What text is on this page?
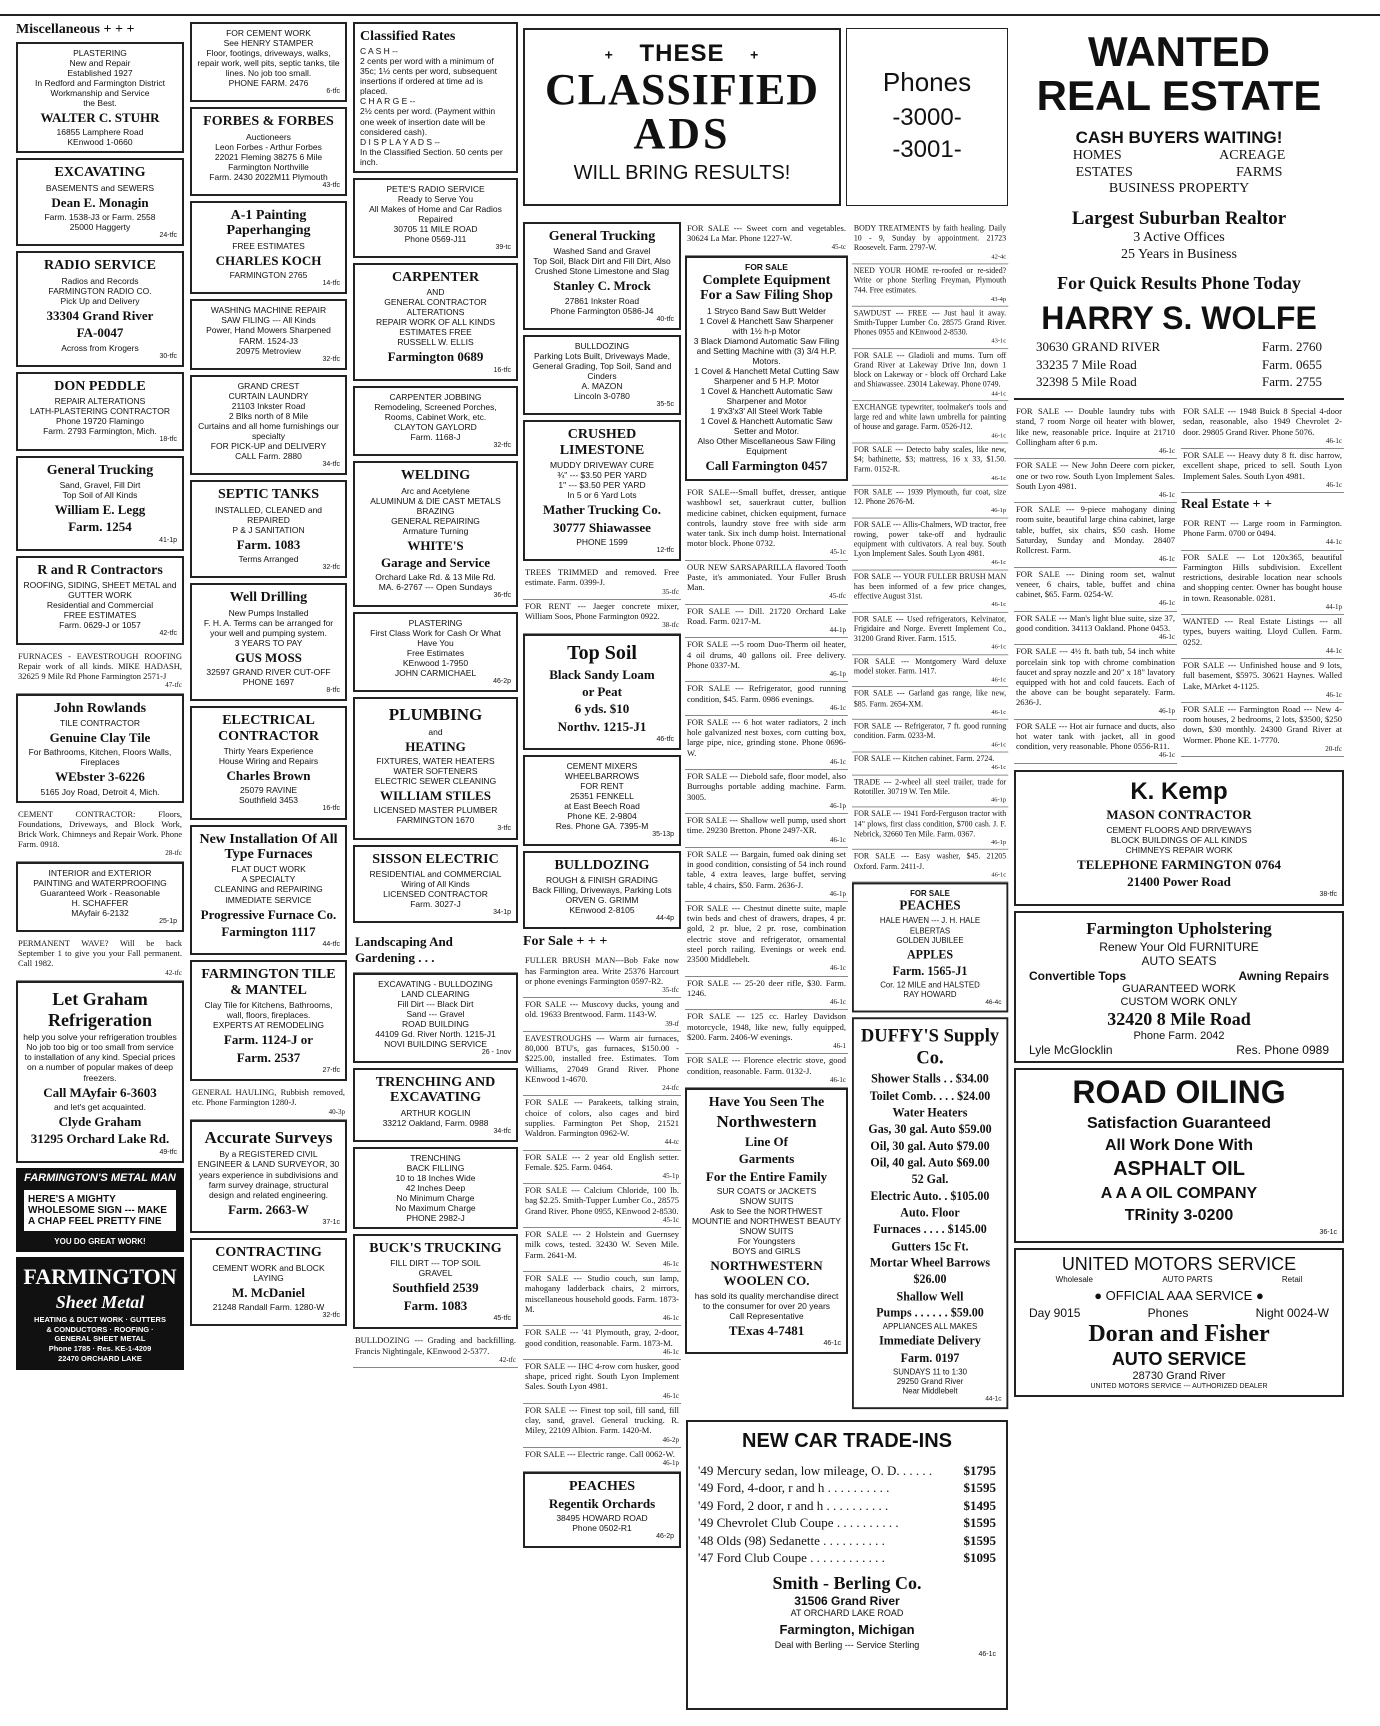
Miscellaneous + + +
PLASTERING
New and Repair
Established 1927
In Redford and Farmington District
Workmanship and Service
the Best.
WALTER C. STUHR
16855 Lamphere Road
KEnwood 1-0660
EXCAVATING
BASEMENTS and SEWERS
Dean E. Monagin
Farm. 1538-J3 or Farm. 2558
25000 Haggerty
24-tfc
RADIO SERVICE
Radios and Records
FARMINGTON RADIO CO.
Pick Up and Delivery
33304 Grand River
FA-0047
Across from Krogers
30-tfc
DON PEDDLE
REPAIR ALTERATIONS
LATH-PLASTERING CONTRACTOR
Phone 19720 Flamingo
Farm. 2793 Farmington, Mich.
18-tfc
General Trucking
Sand, Gravel, Fill Dirt
Top Soil of All Kinds
William E. Legg
Farm. 1254
41-1p
R and R Contractors
ROOFING, SIDING, SHEET METAL and GUTTER WORK
Residential and Commercial
FREE ESTIMATES
Farm. 0629-J or 1057
42-tfc
FURNACES - EAVESTROUGH ROOFING Repair work of all kinds. MIKE HADASH, 32625 9 Mile Rd Phone Farmington 2571-J
47-tfc
John Rowlands
TILE CONTRACTOR
Genuine Clay Tile
For Bathrooms, Kitchen, Floors Walls, Fireplaces
WEbster 3-6226
5165 Joy Road, Detroit 4, Mich.
CEMENT CONTRACTOR: Floors, Foundations, Driveways, and Block Work, Brick Work. Chimneys and Repair Work. Phone Farm. 0918.
28-tfc
INTERIOR and EXTERIOR
PAINTING and WATERPROOFING
Guaranteed Work - Reasonable
H. SCHAFFER
MAyfair 6-2132
25-1p
PERMANENT WAVE? Will be back September 1 to give you your Fall permanent. Call 1982.
42-tfc
Let Graham Refrigeration
help you solve your refrigeration troubles
No job too big or too small from service to installation of any kind. Special prices on a number of popular makes of deep freezers.
Call MAyfair 6-3603
and let's get acquainted.
Clyde Graham
31295 Orchard Lake Rd.
49-tfc
FARMINGTON'S METAL MAN
HERE'S A MIGHTY WHOLESOME SIGN --- MAKE A CHAP FEEL PRETTY FINE
YOU DO GREAT WORK!
FARMINGTON
Sheet Metal
HEATING & DUCT WORK · GUTTERS
& CONDUCTORS · ROOFING ·
GENERAL SHEET METAL
Phone 1785 · Res. KE-1-4209
22470 ORCHARD LAKE
FOR CEMENT WORK
See HENRY STAMPER
Floor, footings, driveways, walks, repair work, well pits, septic tanks, tile lines. No job too small.
PHONE FARM. 2476
6-tfc
FORBES & FORBES
Auctioneers
Leon Forbes - Arthur Forbes
22021 Fleming 38275 6 Mile
Farmington Northville
Farm. 2430 2022M11 Plymouth
43-tfc
A-1 Painting Paperhanging
FREE ESTIMATES
CHARLES KOCH
FARMINGTON 2765
14-tfc
WASHING MACHINE REPAIR
SAW FILING --- All Kinds
Power, Hand Mowers Sharpened
FARM. 1524-J3
20975 Metroview
32-tfc
GRAND CREST
CURTAIN LAUNDRY
21103 Inkster Road
2 Blks north of 8 Mile
Curtains and all home furnishings our specialty
FOR PICK-UP and DELIVERY
CALL Farm. 2880
34-tfc
SEPTIC TANKS
INSTALLED, CLEANED and REPAIRED
P & J SANITATION
Farm. 1083
Terms Arranged
32-tfc
Well Drilling
New Pumps Installed
F. H. A. Terms can be arranged for your well and pumping system.
3 YEARS TO PAY
GUS MOSS
32597 GRAND RIVER CUT-OFF
PHONE 1697
8-tfc
ELECTRICAL CONTRACTOR
Thirty Years Experience
House Wiring and Repairs
Charles Brown
25079 RAVINE
Southfield 3453
16-tfc
New Installation Of All Type Furnaces
FLAT DUCT WORK
A SPECIALTY
CLEANING and REPAIRING
IMMEDIATE SERVICE
Progressive Furnace Co.
Farmington 1117
44-tfc
FARMINGTON TILE & MANTEL
Clay Tile for Kitchens, Bathrooms, wall, floors, fireplaces.
EXPERTS AT REMODELING
Farm. 1124-J or
Farm. 2537
27-tfc
GENERAL HAULING, Rubbish removed, etc. Phone Farmington 1280-J.
40-3p
Accurate Surveys
By a REGISTERED CIVIL ENGINEER & LAND SURVEYOR, 30 years experience in subdivisions and farm survey drainage, structural design and related engineering.
Farm. 2663-W
37-1c
CONTRACTING
CEMENT WORK and BLOCK LAYING
M. McDaniel
21248 Randall Farm. 1280-W
32-tfc
Classified Rates
C A S H --
2 cents per word with a minimum of 35c; 1½ cents per word, subsequent insertions if ordered at time ad is placed.
C H A R G E --
2½ cents per word. (Payment within one week of insertion date will be considered cash).
D I S P L A Y A D S --
In the Classified Section. 50 cents per inch.
PETE'S RADIO SERVICE
Ready to Serve You
All Makes of Home and Car Radios Repaired
30705 11 MILE ROAD
Phone 0569-J11
39-tc
CARPENTER
AND
GENERAL CONTRACTOR
ALTERATIONS
REPAIR WORK OF ALL KINDS
ESTIMATES FREE
RUSSELL W. ELLIS
Farmington 0689
16-tfc
CARPENTER JOBBING
Remodeling, Screened Porches, Rooms, Cabinet Work, etc.
CLAYTON GAYLORD
Farm. 1168-J
32-tfc
WELDING
Arc and Acetylene
ALUMINUM & DIE CAST METALS
BRAZING
GENERAL REPAIRING
Armature Turning
WHITE'S
Garage and Service
Orchard Lake Rd. & 13 Mile Rd.
MA. 6-2767 --- Open Sundays
36-tfc
PLASTERING
First Class Work for Cash Or What Have You
Free Estimates
KEnwood 1-7950
JOHN CARMICHAEL
46-2p
PLUMBING
and
HEATING
FIXTURES, WATER HEATERS
WATER SOFTENERS
ELECTRIC SEWER CLEANING
WILLIAM STILES
LICENSED MASTER PLUMBER
FARMINGTON 1670
3-tfc
SISSON ELECTRIC
RESIDENTIAL and COMMERCIAL
Wiring of All Kinds
LICENSED CONTRACTOR
Farm. 3027-J
34-1p
Landscaping And Gardening . . .
EXCAVATING - BULLDOZING
LAND CLEARING
Fill Dirt --- Black Dirt
Sand --- Gravel
ROAD BUILDING
44109 Gd. River North. 1215-J1
NOVI BUILDING SERVICE
26 - 1nov
TRENCHING AND EXCAVATING
ARTHUR KOGLIN
33212 Oakland, Farm. 0988
34-tfc
TRENCHING
BACK FILLING
10 to 18 Inches Wide
42 Inches Deep
No Minimum Charge
No Maximum Charge
PHONE 2982-J
BUCK'S TRUCKING
FILL DIRT --- TOP SOIL
GRAVEL
Southfield 2539
Farm. 1083
45-tfc
BULLDOZING --- Grading and backfilling. Francis Nightingale, KEnwood 2-5377.
42-tfc
+ THESE +
CLASSIFIED
ADS
WILL BRING RESULTS!
Phones
-3000-
-3001-
General Trucking
Washed Sand and Gravel
Top Soil, Black Dirt and Fill Dirt, Also Crushed Stone Limestone and Slag
Stanley C. Mrock
27861 Inkster Road
Phone Farmington 0586-J4
40-tfc
BULLDOZING
Parking Lots Built, Driveways Made, General Grading, Top Soil, Sand and Cinders
A. MAZON
Lincoln 3-0780
35-5c
CRUSHED LIMESTONE
MUDDY DRIVEWAY CURE
¾" --- $3.50 PER YARD
1" --- $3.50 PER YARD
In 5 or 6 Yard Lots
Mather Trucking Co.
30777 Shiawassee
PHONE 1599
12-tfc
TREES TRIMMED and removed. Free estimate. Farm. 0399-J.
35-tfc
FOR RENT --- Jaeger concrete mixer, William Soos, Phone Farmington 0922.
38-tfc
Top Soil
Black Sandy Loam
or Peat
6 yds. $10
Northv. 1215-J1
46-tfc
CEMENT MIXERS
WHEELBARROWS
FOR RENT
25351 FENKELL
at East Beech Road
Phone KE. 2-9804
Res. Phone GA. 7395-M
35-13p
BULLDOZING
ROUGH & FINISH GRADING
Back Filling, Driveways, Parking Lots
ORVEN G. GRIMM
KEnwood 2-8105
44-4p
For Sale + + +
FULLER BRUSH MAN---Bob Fake now has Farmington area. Write 25376 Harcourt or phone evenings Farmington 0597-R2.
35-tfc
FOR SALE --- Muscovy ducks, young and old. 19633 Brentwood. Farm. 1143-W.
39-tf
EAVESTROUGHS --- Warm air furnaces, 80,000 BTU's, gas furnaces, $150.00 - $225.00, installed free. Estimates. Tom Williams, 27049 Grand River. Phone KEnwood 1-4670.
24-tfc
FOR SALE --- Parakeets, talking strain, choice of colors, also cages and bird supplies. Farmington Pet Shop, 21521 Waldron. Farmington 0962-W.
44-tc
FOR SALE --- 2 year old English setter. Female. $25. Farm. 0464.
45-1p
FOR SALE --- Calcium Chloride, 100 lb. bag $2.25. Smith-Tupper Lumber Co., 28575 Grand River. Phone 0955, KEnwood 2-8530.
45-1c
FOR SALE --- 2 Holstein and Guernsey milk cows, tested. 32430 W. Seven Mile. Farm. 2641-M.
46-1c
FOR SALE --- Studio couch, sun lamp, mahogany ladderback chairs, 2 mirrors, miscellaneous household goods. Farm. 1873-M.
46-1c
FOR SALE --- '41 Plymouth, gray, 2-door, good condition, reasonable. Farm. 1873-M.
46-1c
FOR SALE --- IHC 4-row corn husker, good shape, priced right. South Lyon Implement Sales. South Lyon 4981.
46-1c
FOR SALE --- Finest top soil, fill sand, fill clay, sand, gravel. General trucking. R. Miley, 22109 Albion. Farm. 1420-M.
46-2p
FOR SALE --- Electric range. Call 0062-W.
46-1p
PEACHES
Regentik Orchards
38495 HOWARD ROAD
Phone 0502-R1
46-2p
FOR SALE --- Sweet corn and vegetables. 30624 La Mar. Phone 1227-W.
45-tc
FOR SALE
Complete Equipment For a Saw Filing Shop
1 Stryco Band Saw Butt Welder
1 Covel & Hanchett Saw Sharpener with 1½ h-p Motor
3 Black Diamond Automatic Saw Filing and Setting Machine with (3) 3/4 H.P. Motors.
1 Covel & Hanchett Metal Cutting Saw Sharpener and 5 H.P. Motor
1 Covel & Hanchett Automatic Saw Sharpener and Motor
1 9'x3'x3' All Steel Work Table
1 Covel & Hanchett Automatic Saw Setter and Motor.
Also Other Miscellaneous Saw Filing Equipment
Call Farmington 0457
FOR SALE---Small buffet, dresser, antique washbowl set, sauerkraut cutter, bullion medicine cabinet, chicken equipment, furnace controls, laundry stove free with side arm water tank. Six inch dump hoist. International motor block. Phone 0732.
45-1c
OUR NEW SARSAPARILLA flavored Tooth Paste, it's ammoniated. Your Fuller Brush Man.
45-tfc
FOR SALE --- Dill. 21720 Orchard Lake Road. Farm. 0217-M.
44-1p
FOR SALE ---5 room Duo-Therm oil heater, 4 oil drums, 40 gallons oil. Free delivery. Phone 0337-M.
46-1p
FOR SALE --- Refrigerator, good running condition, $45. Farm. 0986 evenings.
46-1c
FOR SALE --- 6 hot water radiators, 2 inch hole galvanized nest boxes, corn cutting box, large pipe, nice, grinding stone. Phone 0696-W.
46-1c
FOR SALE --- Diebold safe, floor model, also Burroughs portable adding machine. Farm. 3005.
46-1p
FOR SALE --- Shallow well pump, used short time. 29230 Bretton. Phone 2497-XR.
46-1c
FOR SALE --- Bargain, fumed oak dining set in good condition, consisting of 54 inch round table, 4 extra leaves, large buffet, serving table, 4 chairs, $50. Farm. 2636-J.
46-1p
FOR SALE --- Chestnut dinette suite, maple twin beds and chest of drawers, drapes, 4 pr. gold, 2 pr. blue, 2 pr. rose, combination electric stove and refrigerator, ornamental steel porch railing. Evenings or week end. 23500 Middlebelt.
46-1c
FOR SALE --- 25-20 deer rifle, $30. Farm. 1246.
46-1c
FOR SALE --- 125 cc. Harley Davidson motorcycle, 1948, like new, fully equipped, $200. Farm. 2406-W evenings.
46-1
FOR SALE --- Florence electric stove, good condition, reasonable. Farm. 0132-J.
46-1c
Have You Seen The
Northwestern
Line Of
Garments
For the Entire Family
SUR COATS or JACKETS
SNOW SUITS
Ask to See the NORTHWEST MOUNTIE and NORTHWEST BEAUTY SNOW SUITS
For Youngsters
BOYS and GIRLS
NORTHWESTERN WOOLEN CO.
has sold its quality merchandise direct to the consumer for over 20 years
Call Representative
TExas 4-7481
46-1c
BODY TREATMENTS by faith healing. Daily 10 - 9, Sunday by appointment. 21723 Roosevelt. Farm. 2797-W.
42-4c
NEED YOUR HOME re-roofed or re-sided? Write or phone Sterling Freyman, Plymouth 744. Free estimates.
43-4p
SAWDUST --- FREE --- Just haul it away. Smith-Tupper Lumber Co. 28575 Grand River. Phones 0955 and KEnwood 2-8530.
43-1c
FOR SALE --- Gladioli and mums. Turn off Grand River at Lakeway Drive Inn, down 1 block on Lakeway or - block off Orchard Lake and Shiawassee. 23014 Lakeway. Phone 0749.
44-1c
EXCHANGE typewriter, toolmaker's tools and large red and white lawn umbrella for painting of house and garage. Farm. 0526-J12.
46-1c
FOR SALE --- Detecto baby scales, like new, $4; bathinette, $3; mattress, 16 x 33, $1.50. Farm. 0152-R.
46-1c
FOR SALE --- 1939 Plymouth, fur coat, size 12. Phone 2676-M.
46-1p
FOR SALE --- Allis-Chalmers, WD tractor, free rowing, power take-off and hydraulic equipment with cultivators. A real buy. South Lyon Implement Sales. South Lyon 4981.
46-1c
FOR SALE --- YOUR FULLER BRUSH MAN has been informed of a few price changes, effective August 31st.
46-1c
FOR SALE --- Used refrigerators, Kelvinator, Frigidaire and Norge. Everett Implement Co., 31200 Grand River. Farm. 1515.
46-1c
FOR SALE --- Montgomery Ward deluxe model stoker. Farm. 1417.
46-1c
FOR SALE --- Garland gas range, like new, $85. Farm. 2654-XM.
46-1c
FOR SALE --- Refrigerator, 7 ft. good running condition. Farm. 0233-M.
46-1c
FOR SALE --- Kitchen cabinet. Farm. 2724.
46-1c
TRADE --- 2-wheel all steel trailer, trade for Rototiller. 30719 W. Ten Mile.
46-1p
FOR SALE --- 1941 Ford-Ferguson tractor with 14" plows, first class condition, $700 cash. J. F. Nebrick, 32660 Ten Mile. Farm. 0367.
46-1p
FOR SALE --- Easy washer, $45. 21205 Oxford. Farm. 2411-J.
46-1c
FOR SALE
PEACHES
HALE HAVEN --- J. H. HALE
ELBERTAS
GOLDEN JUBILEE
APPLES
Farm. 1565-J1
Cor. 12 MILE and HALSTED
RAY HOWARD
46-4c
DUFFY'S Supply Co.
Shower Stalls . . $34.00
Toilet Comb. . . . $24.00
Water Heaters
Gas, 30 gal. Auto $59.00
Oil, 30 gal. Auto $79.00
Oil, 40 gal. Auto $69.00
52 Gal.
Electric Auto. . $105.00
Auto. Floor
Furnaces . . . . $145.00
Gutters 15c Ft.
Mortar Wheel Barrows
$26.00
Shallow Well
Pumps . . . . . . $59.00
APPLIANCES ALL MAKES
Immediate Delivery
Farm. 0197
SUNDAYS 11 to 1:30
29250 Grand River
Near Middlebelt
44-1c
NEW CAR TRADE-INS
'49 Mercury sedan, low mileage, O. D. . . . . . $1795
'49 Ford, 4-door, r and h . . . . . . . . . .	$1595
'49 Ford, 2 door, r and h . . . . . . . . . .	$1495
'49 Chevrolet Club Coupe . . . . . . . . . .	$1595
'48 Olds (98) Sedanette . . . . . . . . . .	$1595
'47 Ford Club Coupe . . . . . . . . . . . .	$1095
Smith - Berling Co.
31506 Grand River
AT ORCHARD LAKE ROAD
Farmington, Michigan
Deal with Berling --- Service Sterling
46-1c
WANTED
REAL ESTATE
CASH BUYERS WAITING!
HOMES	ACREAGE
ESTATES	FARMS
BUSINESS PROPERTY
Largest Suburban Realtor
3 Active Offices
25 Years in Business
For Quick Results Phone Today
HARRY S. WOLFE
30630 GRAND RIVER	Farm. 2760
33235 7 Mile Road	Farm. 0655
32398 5 Mile Road	Farm. 2755
FOR SALE --- Double laundry tubs with stand, 7 room Norge oil heater with blower, like new, reasonable price. Inquire at 21710 Collingham after 6 p.m.
46-1c
FOR SALE --- New John Deere corn picker, one or two row. South Lyon Implement Sales. South Lyon 4981.
46-1c
FOR SALE --- 9-piece mahogany dining room suite, beautiful large china cabinet, large table, buffet, six chairs, $50 cash. Home Saturday, Sunday and Monday. 28407 Rollcrest. Farm.
46-1c
FOR SALE --- Dining room set, walnut veneer, 6 chairs, table, buffet and china cabinet, $65. Farm. 0254-W.
46-1c
FOR SALE --- Man's light blue suite, size 37, good condition. 34113 Oakland. Phone 0453.
46-1c
FOR SALE --- 4½ ft. bath tub, 54 inch white porcelain sink top with chrome combination faucet and spray nozzle and 20" x 18" lavatory equipped with hot and cold faucets. Each of the above can be bought separately. Farm. 2636-J.
46-1p
FOR SALE --- Hot air furnace and ducts, also hot water tank with jacket, all in good condition, very reasonable. Phone 0556-R11.
46-1c
FOR SALE --- 1948 Buick 8 Special 4-door sedan, reasonable, also 1949 Chevrolet 2-door. 29805 Grand River. Phone 5076.
46-1c
FOR SALE --- Heavy duty 8 ft. disc harrow, excellent shape, priced to sell. South Lyon Implement Sales. South Lyon 4981.
46-1c
Real Estate + +
FOR RENT --- Large room in Farmington. Phone Farm. 0700 or 0494.
44-1c
FOR SALE --- Lot 120x365, beautiful Farmington Hills subdivision. Excellent restrictions, desirable location near schools and shopping center. Owner has bought house in town. Reasonable. 0281.
44-1p
WANTED --- Real Estate Listings --- all types, buyers waiting. Lloyd Cullen. Farm. 0252.
44-1c
FOR SALE --- Unfinished house and 9 lots, full basement, $5975. 30621 Haynes. Walled Lake, MArket 4-1125.
46-1c
FOR SALE --- Farmington Road --- New 4-room houses, 2 bedrooms, 2 lots, $3500, $250 down, $30 monthly. 24300 Grand River at Wormer. Phone KE. 1-7770.
20-tfc
K. Kemp
MASON CONTRACTOR
CEMENT FLOORS AND DRIVEWAYS
BLOCK BUILDINGS OF ALL KINDS
CHIMNEYS REPAIR WORK
TELEPHONE FARMINGTON 0764
21400 Power Road
38-tfc
Farmington Upholstering
Renew Your Old FURNITURE
AUTO SEATS
Convertible Tops	Awning Repairs
GUARANTEED WORK
CUSTOM WORK ONLY
32420 8 Mile Road
Phone Farm. 2042
Lyle McGlocklin	Res. Phone 0989
ROAD OILING
Satisfaction Guaranteed
All Work Done With
ASPHALT OIL
A A A OIL COMPANY
TRinity 3-0200
36-1c
UNITED MOTORS SERVICE
Wholesale	AUTO PARTS	Retail
● OFFICIAL AAA SERVICE ●
Day 9015	Phones	Night 0024-W
Doran and Fisher
AUTO SERVICE
28730 Grand River
UNITED MOTORS SERVICE --- AUTHORIZED DEALER
